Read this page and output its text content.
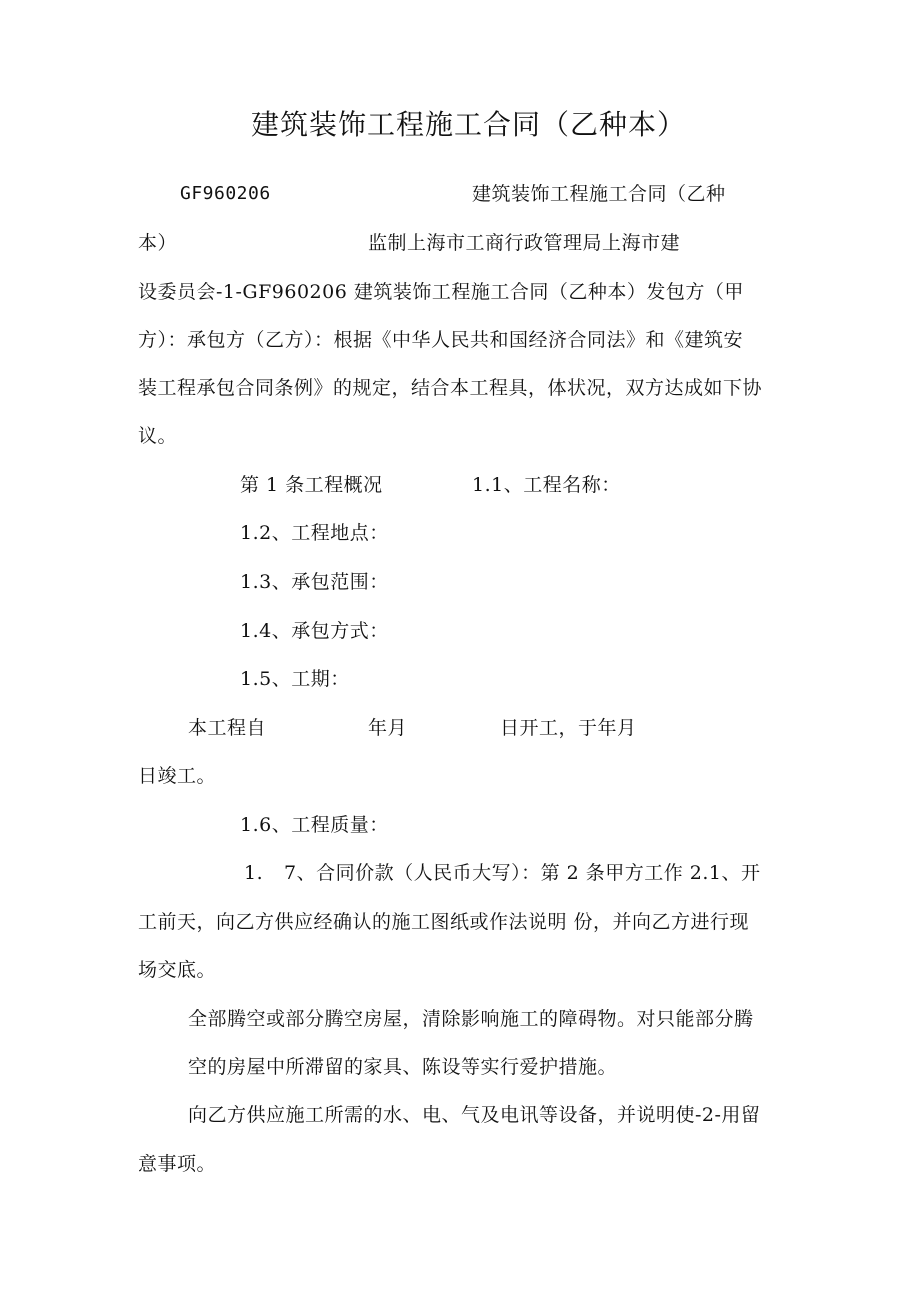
建筑装饰工程施工合同（乙种本）
GF960206	建筑装饰工程施工合同（乙种
本）	监制上海市工商行政管理局上海市建
设委员会-1-GF960206 建筑装饰工程施工合同（乙种本）发包方（甲
方）：承包方（乙方）：根据《中华人民共和国经济合同法》和《建筑安
装工程承包合同条例》的规定，结合本工程具，体状况，双方达成如下协
议。
第 1 条工程概况	1.1、工程名称：
1.2、工程地点：
1.3、承包范围：
1.4、承包方式：
1.5、工期：
本工程自	年月	日开工，于年月
日竣工。
1.6、工程质量：
1. 7、合同价款（人民币大写）：第 2 条甲方工作 2.1、开
工前天，向乙方供应经确认的施工图纸或作法说明 份，并向乙方进行现
场交底。
全部腾空或部分腾空房屋，清除影响施工的障碍物。对只能部分腾
空的房屋中所滞留的家具、陈设等实行爱护措施。
向乙方供应施工所需的水、电、气及电讯等设备，并说明使-2-用留
意事项。
